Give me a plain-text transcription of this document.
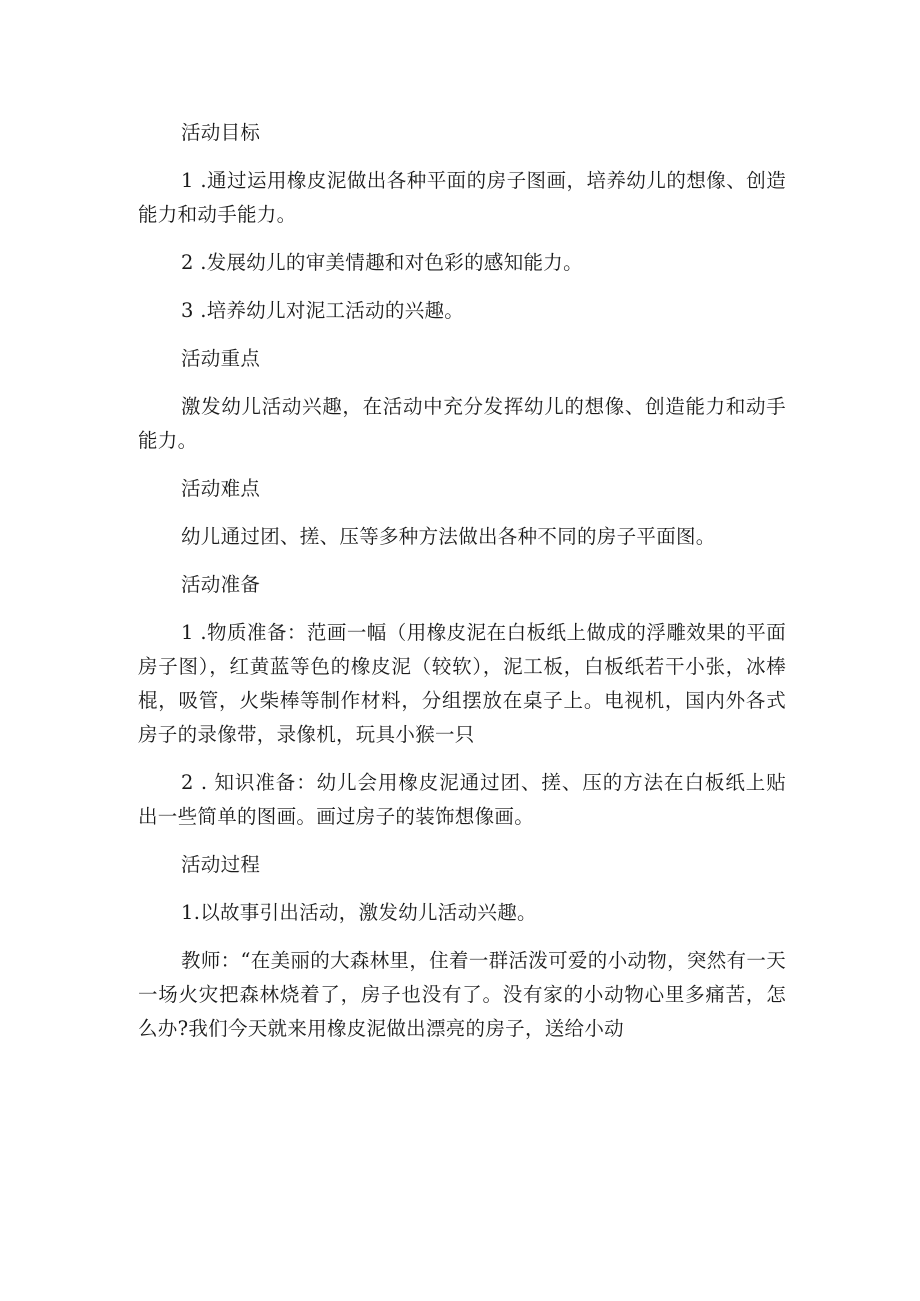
活动目标

1 .通过运用橡皮泥做出各种平面的房子图画，培养幼儿的想像、创造能力和动手能力。

2 .发展幼儿的审美情趣和对色彩的感知能力。

3 .培养幼儿对泥工活动的兴趣。

活动重点

激发幼儿活动兴趣，在活动中充分发挥幼儿的想像、创造能力和动手能力。

活动难点

幼儿通过团、搓、压等多种方法做出各种不同的房子平面图。

活动准备

1 .物质准备：范画一幅（用橡皮泥在白板纸上做成的浮雕效果的平面房子图），红黄蓝等色的橡皮泥（较软），泥工板，白板纸若干小张，冰棒棍，吸管，火柴棒等制作材料，分组摆放在桌子上。电视机，国内外各式房子的录像带，录像机，玩具小猴一只

2 . 知识准备：幼儿会用橡皮泥通过团、搓、压的方法在白板纸上贴出一些简单的图画。画过房子的装饰想像画。

活动过程

1.以故事引出活动，激发幼儿活动兴趣。

教师：“在美丽的大森林里，住着一群活泼可爱的小动物，突然有一天一场火灾把森林烧着了，房子也没有了。没有家的小动物心里多痛苦，怎么办?我们今天就来用橡皮泥做出漂亮的房子，送给小动
